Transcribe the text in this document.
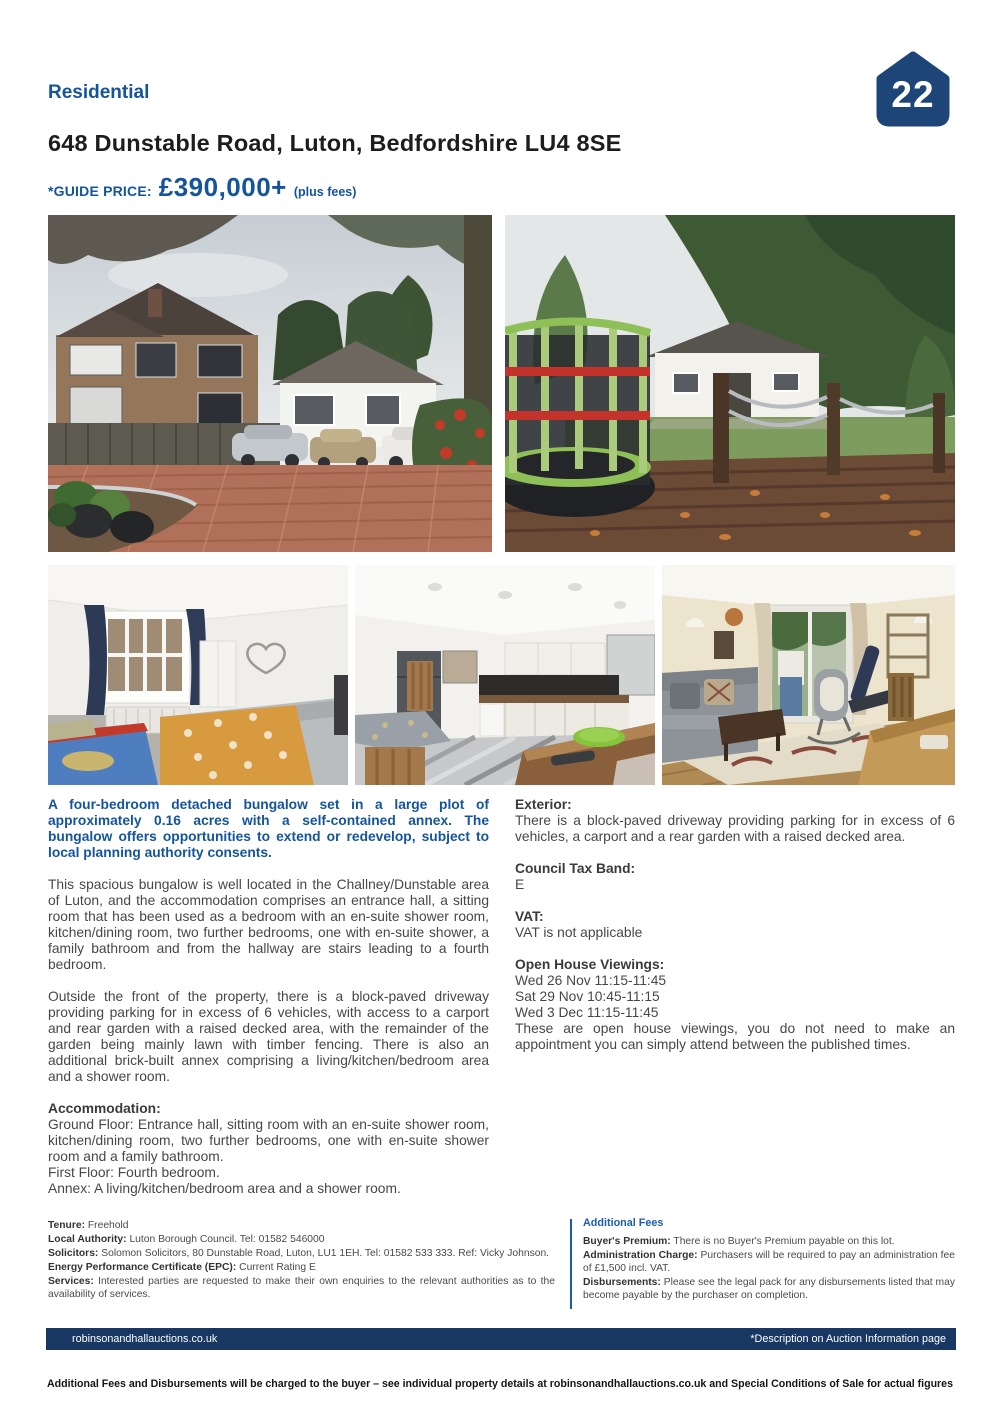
Residential
648 Dunstable Road, Luton, Bedfordshire LU4 8SE
*GUIDE PRICE: £390,000+ (plus fees)
22

A four-bedroom detached bungalow set in a large plot of approximately 0.16 acres with a self-contained annex. The bungalow offers opportunities to extend or redevelop, subject to local planning authority consents.

This spacious bungalow is well located in the Challney/Dunstable area of Luton, and the accommodation comprises an entrance hall, a sitting room that has been used as a bedroom with an en-suite shower room, kitchen/dining room, two further bedrooms, one with en-suite shower, a family bathroom and from the hallway are stairs leading to a fourth bedroom.

Outside the front of the property, there is a block-paved driveway providing parking for in excess of 6 vehicles, with access to a carport and rear garden with a raised decked area, with the remainder of the garden being mainly lawn with timber fencing. There is also an additional brick-built annex comprising a living/kitchen/bedroom area and a shower room.

Accommodation:

Ground Floor: Entrance hall, sitting room with an en-suite shower room, kitchen/dining room, two further bedrooms, one with en-suite shower room and a family bathroom.

First Floor: Fourth bedroom.

Annex: A living/kitchen/bedroom area and a shower room.

Exterior:

There is a block-paved driveway providing parking for in excess of 6 vehicles, a carport and a rear garden with a raised decked area.

Council Tax Band:

E

VAT:

VAT is not applicable

Open House Viewings:

Wed 26 Nov 11:15-11:45

Sat 29 Nov 10:45-11:15

Wed 3 Dec 11:15-11:45

These are open house viewings, you do not need to make an appointment you can simply attend between the published times.

Tenure: Freehold

Local Authority: Luton Borough Council. Tel: 01582 546000

Solicitors: Solomon Solicitors, 80 Dunstable Road, Luton, LU1 1EH. Tel: 01582 533 333. Ref: Vicky Johnson.

Energy Performance Certificate (EPC): Current Rating E

Services: Interested parties are requested to make their own enquiries to the relevant authorities as to the availability of services.

Additional Fees

Buyer's Premium: There is no Buyer's Premium payable on this lot.

Administration Charge: Purchasers will be required to pay an administration fee of £1,500 incl. VAT.

Disbursements: Please see the legal pack for any disbursements listed that may become payable by the purchaser on completion.

robinsonandhallauctions.co.uk	*Description on Auction Information page
Additional Fees and Disbursements will be charged to the buyer – see individual property details at robinsonandhallauctions.co.uk and Special Conditions of Sale for actual figures
